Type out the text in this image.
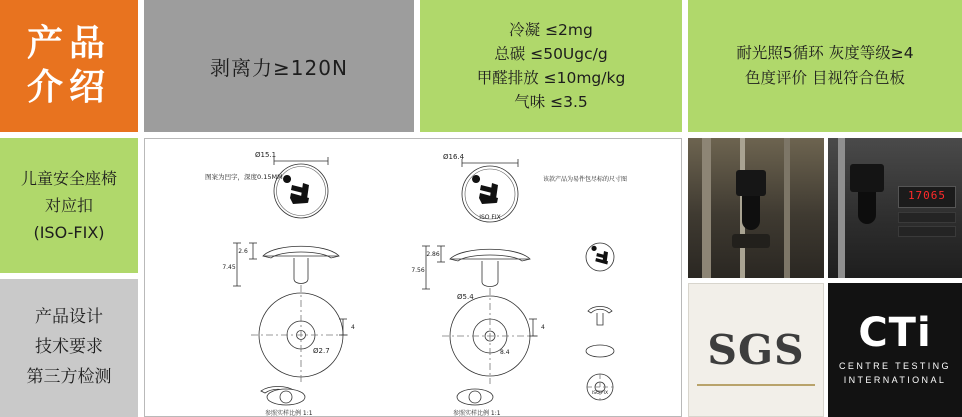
产品
介绍	剥离力≥120N
冷凝 ≤2mg
总碳 ≤50Ugc/g
甲醛排放 ≤10mg/kg
气味 ≤3.5
耐光照5循环 灰度等级≥4
色度评价 目视符合色板
儿童安全座椅
对应扣
(ISO-FIX)
产品设计
技术要求
第三方检测
Ø15.1
2.6
7.45
4
Ø2.7
图案为凹字，深度0.15MM
Ø16.4
2.86
7.56
4
8.4
Ø5.4
该款产品为易件包尽标的尺寸图
参照实样比例 1:1	参照实样比例 1:1
ISO FIX
ISO FIX
17065
SGS CTi
CENTRE TESTING
INTERNATIONAL
